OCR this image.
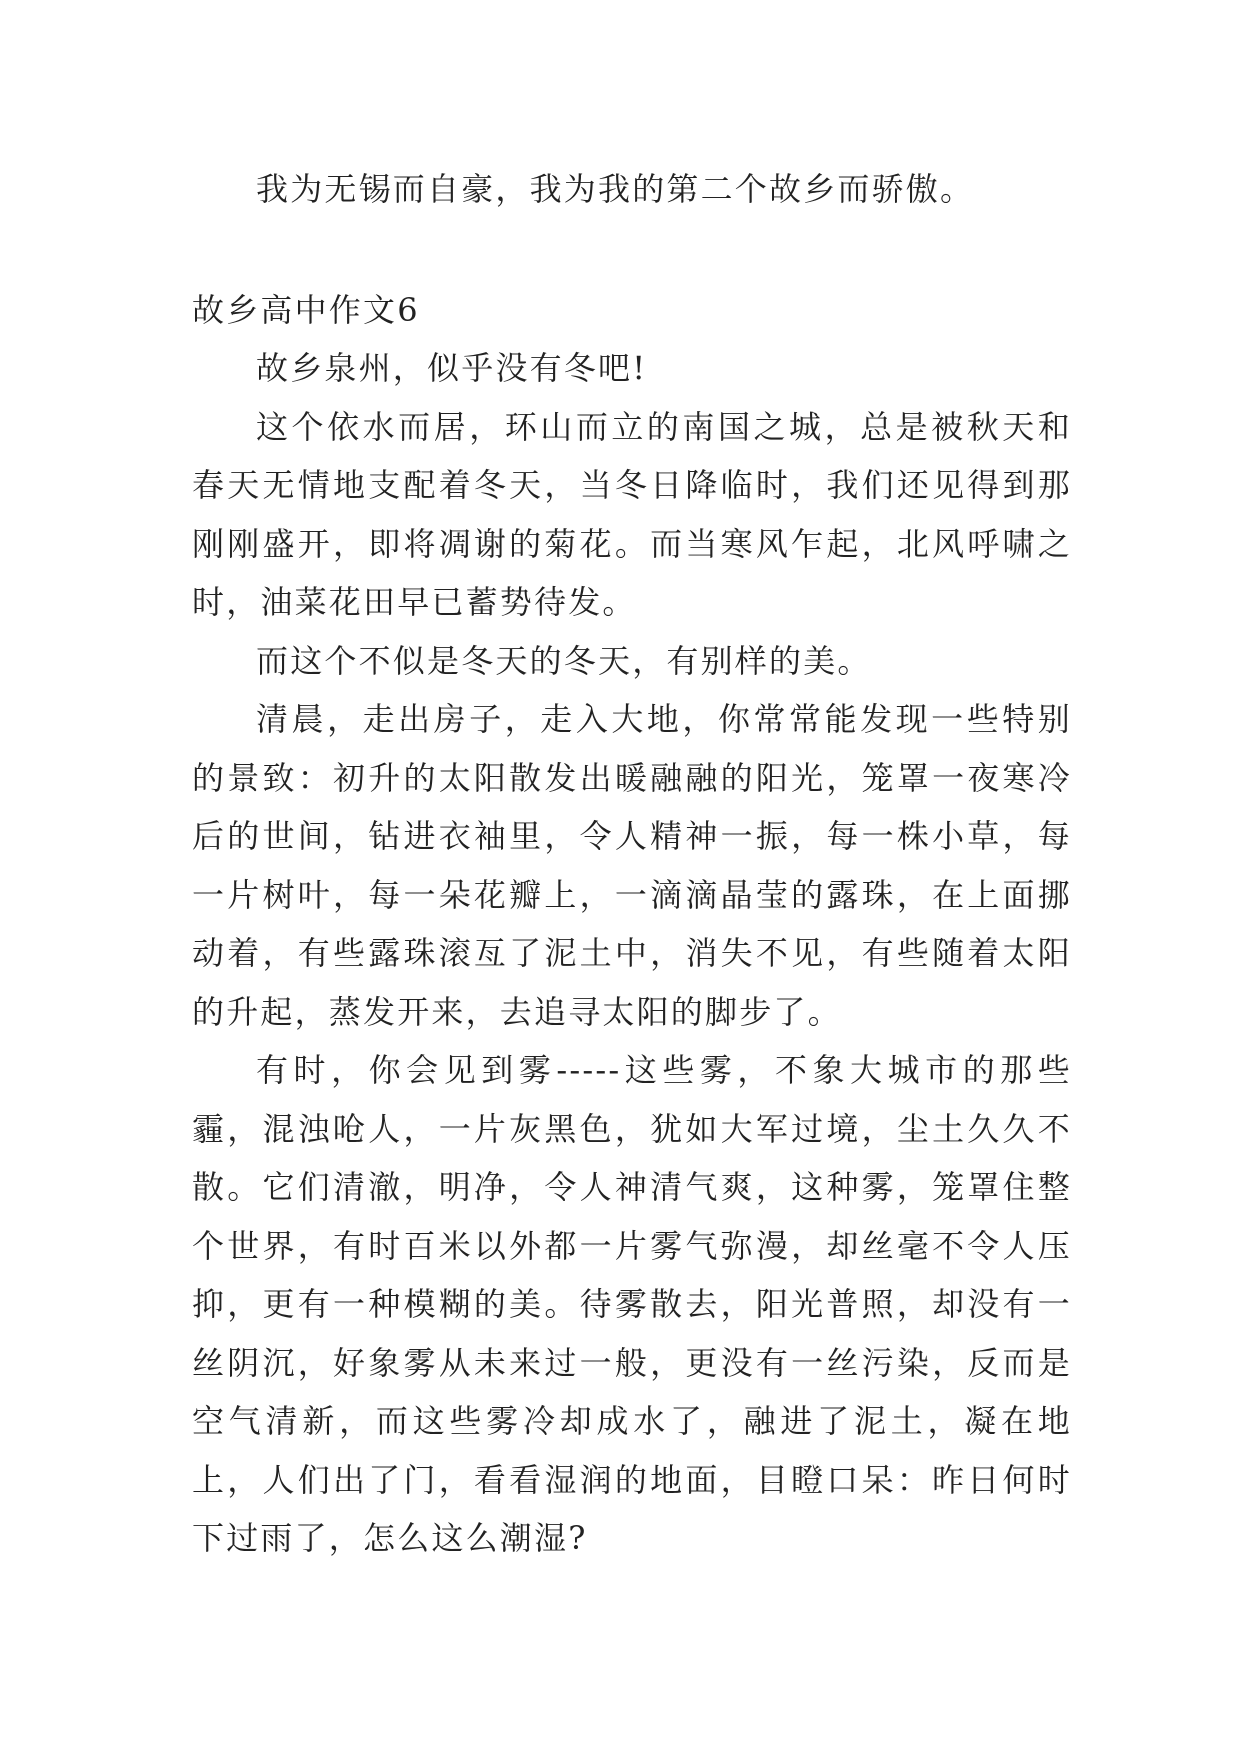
我为无锡而自豪，我为我的第二个故乡而骄傲。

故乡高中作文6

故乡泉州，似乎没有冬吧!

这个依水而居，环山而立的南国之城，总是被秋天和春天无情地支配着冬天，当冬日降临时，我们还见得到那刚刚盛开，即将凋谢的菊花。而当寒风乍起，北风呼啸之时，油菜花田早已蓄势待发。

而这个不似是冬天的冬天，有别样的美。

清晨，走出房子，走入大地，你常常能发现一些特别的景致：初升的太阳散发出暖融融的阳光，笼罩一夜寒冷后的世间，钻进衣袖里，令人精神一振，每一株小草，每一片树叶，每一朵花瓣上，一滴滴晶莹的露珠，在上面挪动着，有些露珠滚亙了泥土中，消失不见，有些随着太阳的升起，蒸发开来，去追寻太阳的脚步了。

有时，你会见到雾-----这些雾，不象大城市的那些霾，混浊呛人，一片灰黑色，犹如大军过境，尘土久久不散。它们清澈，明净，令人神清气爽，这种雾，笼罩住整个世界，有时百米以外都一片雾气弥漫，却丝毫不令人压抑，更有一种模糊的美。待雾散去，阳光普照，却没有一丝阴沉，好象雾从未来过一般，更没有一丝污染，反而是空气清新，而这些雾冷却成水了，融进了泥土，凝在地上，人们出了门，看看湿润的地面，目瞪口呆：昨日何时下过雨了，怎么这么潮湿?
